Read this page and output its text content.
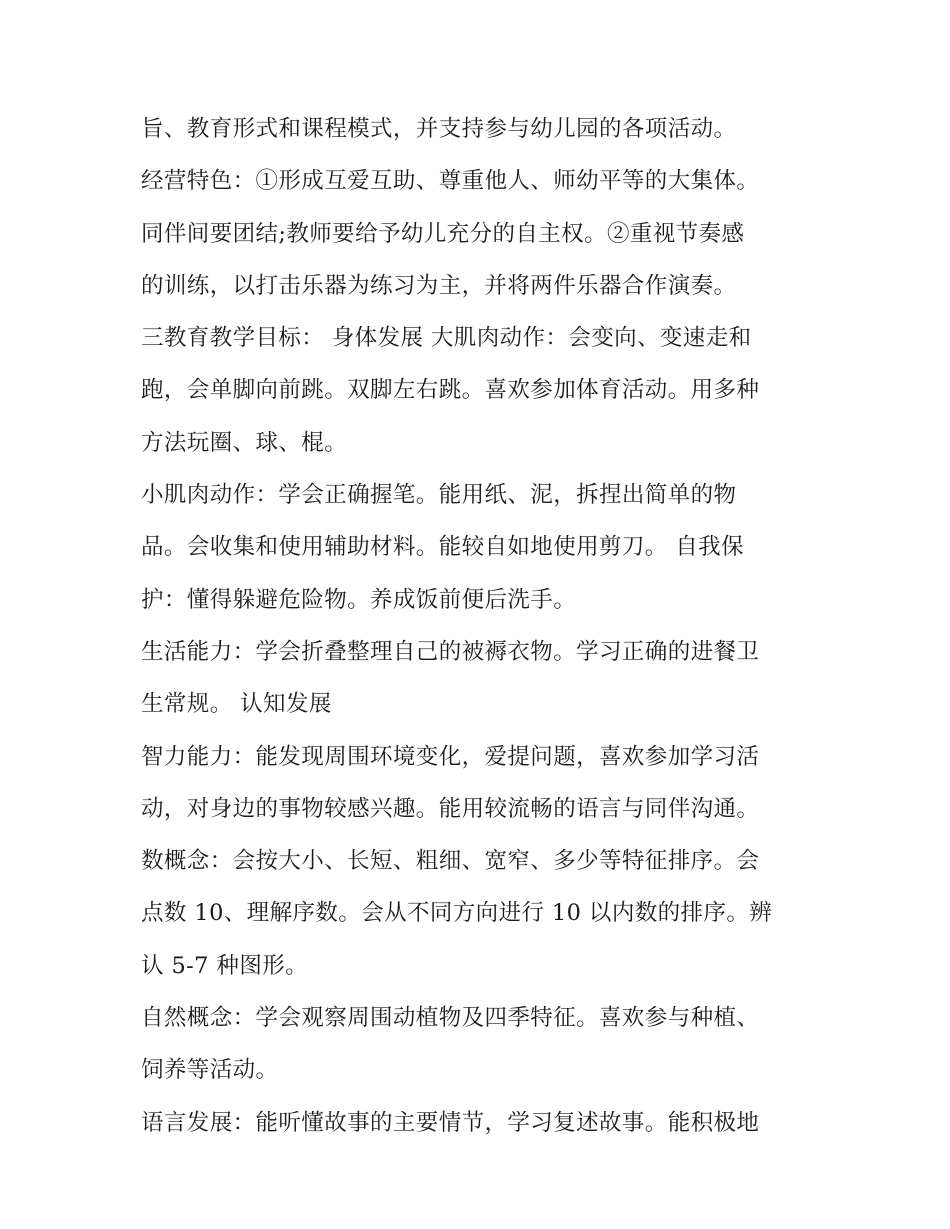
旨、教育形式和课程模式，并支持参与幼儿园的各项活动。
经营特色：①形成互爱互助、尊重他人、师幼平等的大集体。
同伴间要团结;教师要给予幼儿充分的自主权。②重视节奏感
的训练，以打击乐器为练习为主，并将两件乐器合作演奏。
三教育教学目标： 身体发展 大肌肉动作：会变向、变速走和
跑，会单脚向前跳。双脚左右跳。喜欢参加体育活动。用多种
方法玩圈、球、棍。
小肌肉动作：学会正确握笔。能用纸、泥，拆捏出简单的物
品。会收集和使用辅助材料。能较自如地使用剪刀。 自我保
护：懂得躲避危险物。养成饭前便后洗手。
生活能力：学会折叠整理自己的被褥衣物。学习正确的进餐卫
生常规。 认知发展
智力能力：能发现周围环境变化，爱提问题，喜欢参加学习活
动，对身边的事物较感兴趣。能用较流畅的语言与同伴沟通。
数概念：会按大小、长短、粗细、宽窄、多少等特征排序。会
点数 10、理解序数。会从不同方向进行 10 以内数的排序。辨
认 5-7 种图形。
自然概念：学会观察周围动植物及四季特征。喜欢参与种植、
饲养等活动。
语言发展：能听懂故事的主要情节，学习复述故事。能积极地
